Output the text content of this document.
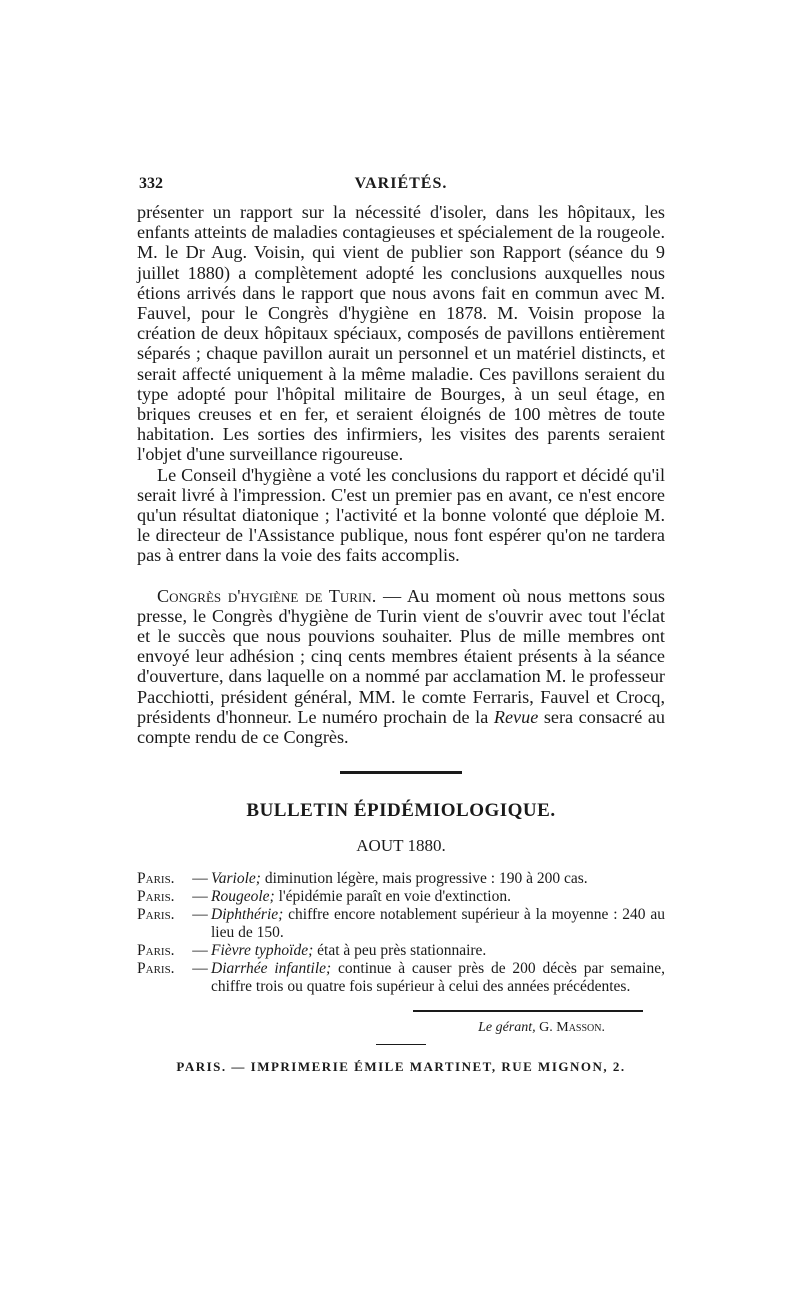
332	VARIÉTÉS.

présenter un rapport sur la nécessité d'isoler, dans les hôpitaux, les enfants atteints de maladies contagieuses et spécialement de la rougeole. M. le Dr Aug. Voisin, qui vient de publier son Rapport (séance du 9 juillet 1880) a complètement adopté les conclusions auxquelles nous étions arrivés dans le rapport que nous avons fait en commun avec M. Fauvel, pour le Congrès d'hygiène en 1878. M. Voisin propose la création de deux hôpitaux spéciaux, composés de pavillons entièrement séparés ; chaque pavillon aurait un personnel et un matériel distincts, et serait affecté uniquement à la même maladie. Ces pavillons seraient du type adopté pour l'hôpital militaire de Bourges, à un seul étage, en briques creuses et en fer, et seraient éloignés de 100 mètres de toute habitation. Les sorties des infirmiers, les visites des parents seraient l'objet d'une surveillance rigoureuse.

Le Conseil d'hygiène a voté les conclusions du rapport et décidé qu'il serait livré à l'impression. C'est un premier pas en avant, ce n'est encore qu'un résultat diatonique ; l'activité et la bonne volonté que déploie M. le directeur de l'Assistance publique, nous font espérer qu'on ne tardera pas à entrer dans la voie des faits accomplis.

Congrès d'hygiène de Turin. — Au moment où nous mettons sous presse, le Congrès d'hygiène de Turin vient de s'ouvrir avec tout l'éclat et le succès que nous pouvions souhaiter. Plus de mille membres ont envoyé leur adhésion ; cinq cents membres étaient présents à la séance d'ouverture, dans laquelle on a nommé par acclamation M. le professeur Pacchiotti, président général, MM. le comte Ferraris, Fauvel et Crocq, présidents d'honneur. Le numéro prochain de la Revue sera consacré au compte rendu de ce Congrès.

BULLETIN ÉPIDÉMIOLOGIQUE.
AOUT 1880.
Paris.	— Variole; diminution légère, mais progressive : 190 à 200 cas.
Paris.	— Rougeole; l'épidémie paraît en voie d'extinction.
Paris.	— Diphthérie; chiffre encore notablement supérieur à la moyenne : 240 au lieu de 150.
Paris.	— Fièvre typhoïde; état à peu près stationnaire.
Paris.	— Diarrhée infantile; continue à causer près de 200 décès par semaine, chiffre trois ou quatre fois supérieur à celui des années précédentes.
Le gérant, G. Masson.
PARIS. — IMPRIMERIE ÉMILE MARTINET, RUE MIGNON, 2.
